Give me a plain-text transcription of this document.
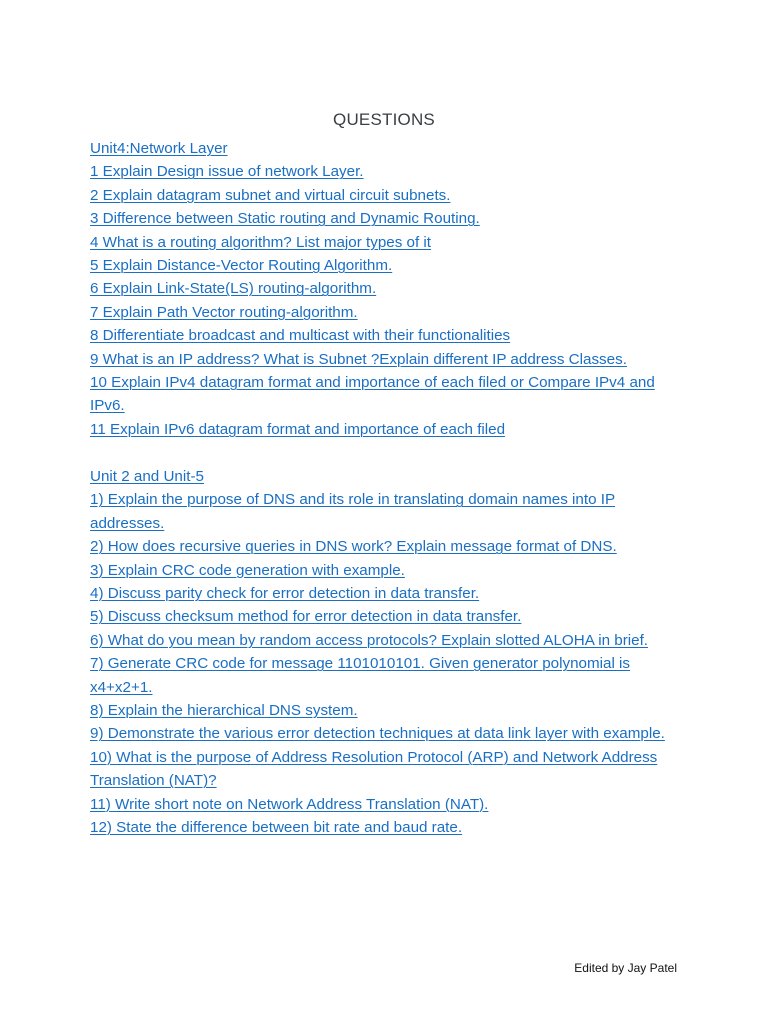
QUESTIONS
Unit4:Network Layer
1 Explain Design issue of network Layer.
2 Explain datagram subnet and virtual circuit subnets.
3 Difference between Static routing and Dynamic Routing.
4 What is a routing algorithm? List major types of it
5 Explain Distance-Vector Routing Algorithm.
6 Explain Link-State(LS) routing-algorithm.
7 Explain Path Vector routing-algorithm.
8 Differentiate broadcast and multicast with their functionalities
9 What is an IP address? What is Subnet ?Explain different IP address Classes.
10 Explain IPv4 datagram format and importance of each filed or Compare IPv4 and IPv6.
11 Explain IPv6 datagram format and importance of each filed
Unit 2 and Unit-5
1) Explain the purpose of DNS and its role in translating domain names into IP addresses.
2) How does recursive queries in DNS work? Explain message format of DNS.
3) Explain CRC code generation with example.
4) Discuss parity check for error detection in data transfer.
5) Discuss checksum method for error detection in data transfer.
6) What do you mean by random access protocols? Explain slotted ALOHA in brief.
7) Generate CRC code for message 1101010101. Given generator polynomial is x4+x2+1.
8) Explain the hierarchical DNS system.
9) Demonstrate the various error detection techniques at data link layer with example.
10) What is the purpose of Address Resolution Protocol (ARP) and Network Address Translation (NAT)?
11) Write short note on Network Address Translation (NAT).
12) State the difference between bit rate and baud rate.
Edited by Jay Patel
